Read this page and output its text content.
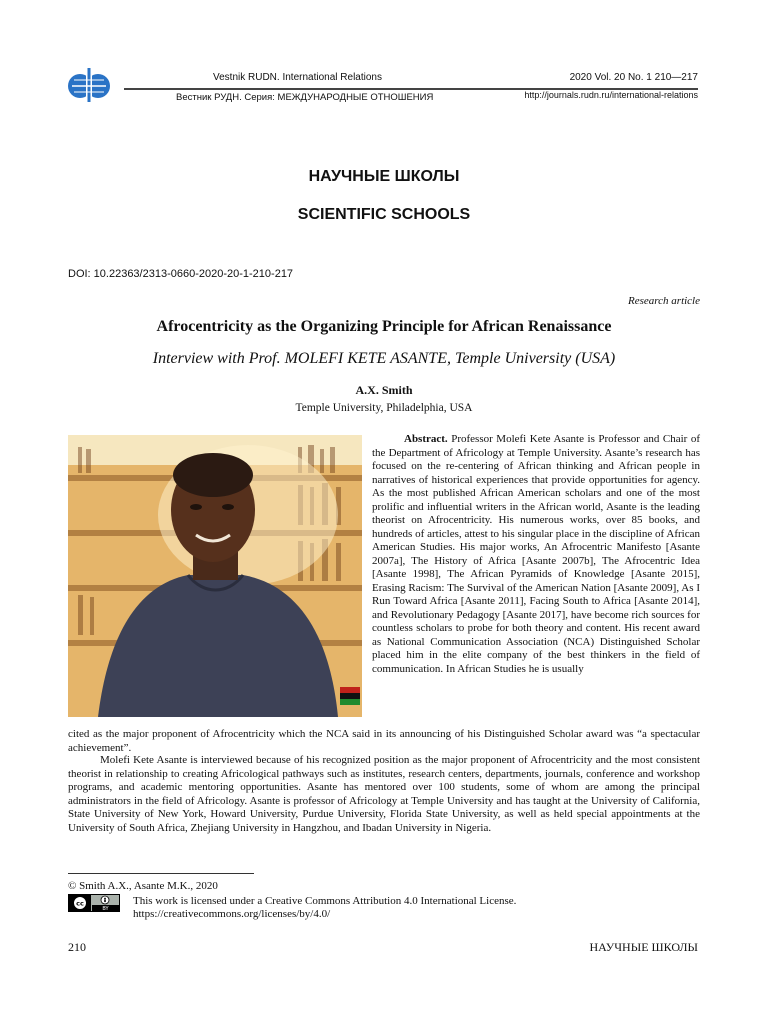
Vestnik RUDN. International Relations
Вестник РУДН. Серия: МЕЖДУНАРОДНЫЕ ОТНОШЕНИЯ
2020 Vol. 20 No. 1 210—217
http://journals.rudn.ru/international-relations
НАУЧНЫЕ ШКОЛЫ
SCIENTIFIC SCHOOLS
DOI: 10.22363/2313-0660-2020-20-1-210-217
Research article
Afrocentricity as the Organizing Principle for African Renaissance
Interview with Prof. MOLEFI KETE ASANTE, Temple University (USA)
A.X. Smith
Temple University, Philadelphia, USA
Abstract. Professor Molefi Kete Asante is Professor and Chair of the Department of Africology at Temple University. Asante’s research has focused on the re-centering of African thinking and African people in narratives of historical experiences that provide opportunities for agency. As the most published African American scholars and one of the most prolific and influential writers in the African world, Asante is the leading theorist on Afrocentricity. His numerous works, over 85 books, and hundreds of articles, attest to his singular place in the discipline of African American Studies. His major works, An Afrocentric Manifesto [Asante 2007a], The History of Africa [Asante 2007b], The Afrocentric Idea [Asante 1998], The African Pyramids of Knowledge [Asante 2015], Erasing Racism: The Survival of the American Nation [Asante 2009], As I Run Toward Africa [Asante 2011], Facing South to Africa [Asante 2014], and Revolutionary Pedagogy [Asante 2017], have become rich sources for countless scholars to probe for both theory and content. His recent award as National Communication Association (NCA) Distinguished Scholar placed him in the elite company of the best thinkers in the field of communication. In African Studies he is usually
cited as the major proponent of Afrocentricity which the NCA said in its announcing of his Distinguished Scholar award was “a spectacular achievement”.
Molefi Kete Asante is interviewed because of his recognized position as the major proponent of Afrocentricity and the most consistent theorist in relationship to creating Africological pathways such as institutes, research centers, departments, journals, conference and workshop programs, and academic mentoring opportunities. Asante has mentored over 100 students, some of whom are among the principal administrators in the field of Africology. Asante is professor of Africology at Temple University and has taught at the University of California, State University of New York, Howard University, Purdue University, Florida State University, as well as held special appointments at the University of South Africa, Zhejiang University in Hangzhou, and Ibadan University in Nigeria.
© Smith A.X., Asante M.K., 2020
cc
BY
This work is licensed under a Creative Commons Attribution 4.0 International License.
https://creativecommons.org/licenses/by/4.0/
210	НАУЧНЫЕ ШКОЛЫ
